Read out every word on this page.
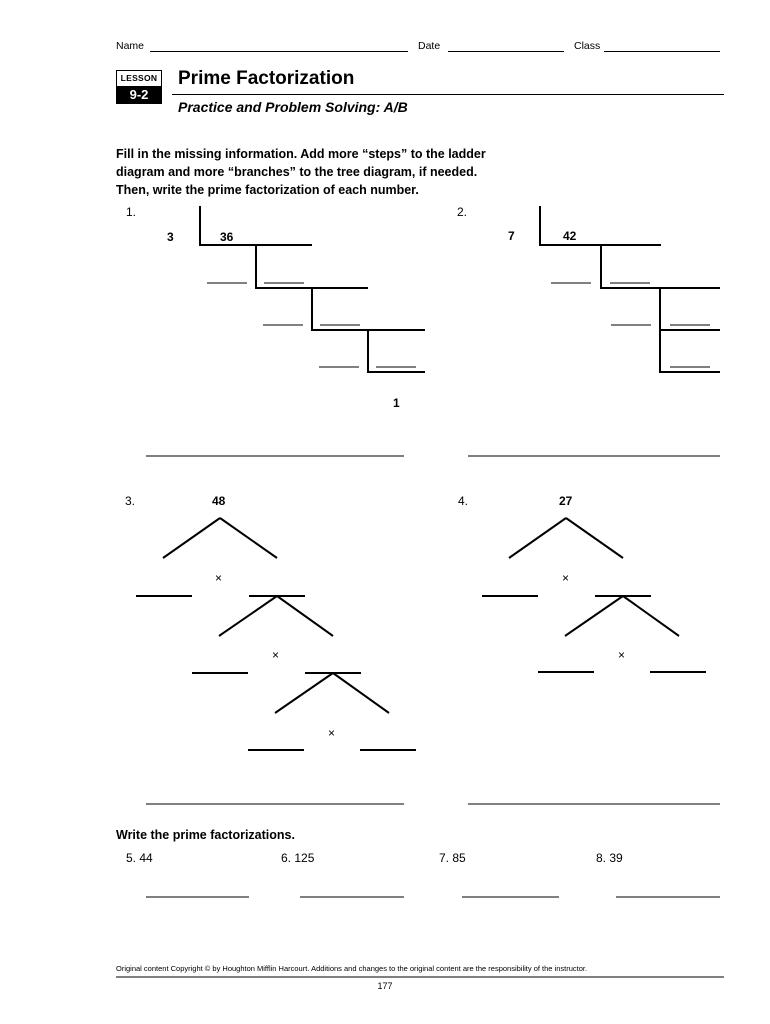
Name	Date	Class
LESSON
9-2
Prime Factorization
Practice and Problem Solving: A/B
Fill in the missing information. Add more “steps” to the ladder
diagram and more “branches” to the tree diagram, if needed.
Then, write the prime factorization of each number.
1.
3	36
1
2.
7	42
3.	48
×
×
×
4.	27
×
×
Write the prime factorizations.
5. 44	6. 125	7. 85	8. 39
Original content Copyright © by Houghton Mifflin Harcourt. Additions and changes to the original content are the responsibility of the instructor.
177
